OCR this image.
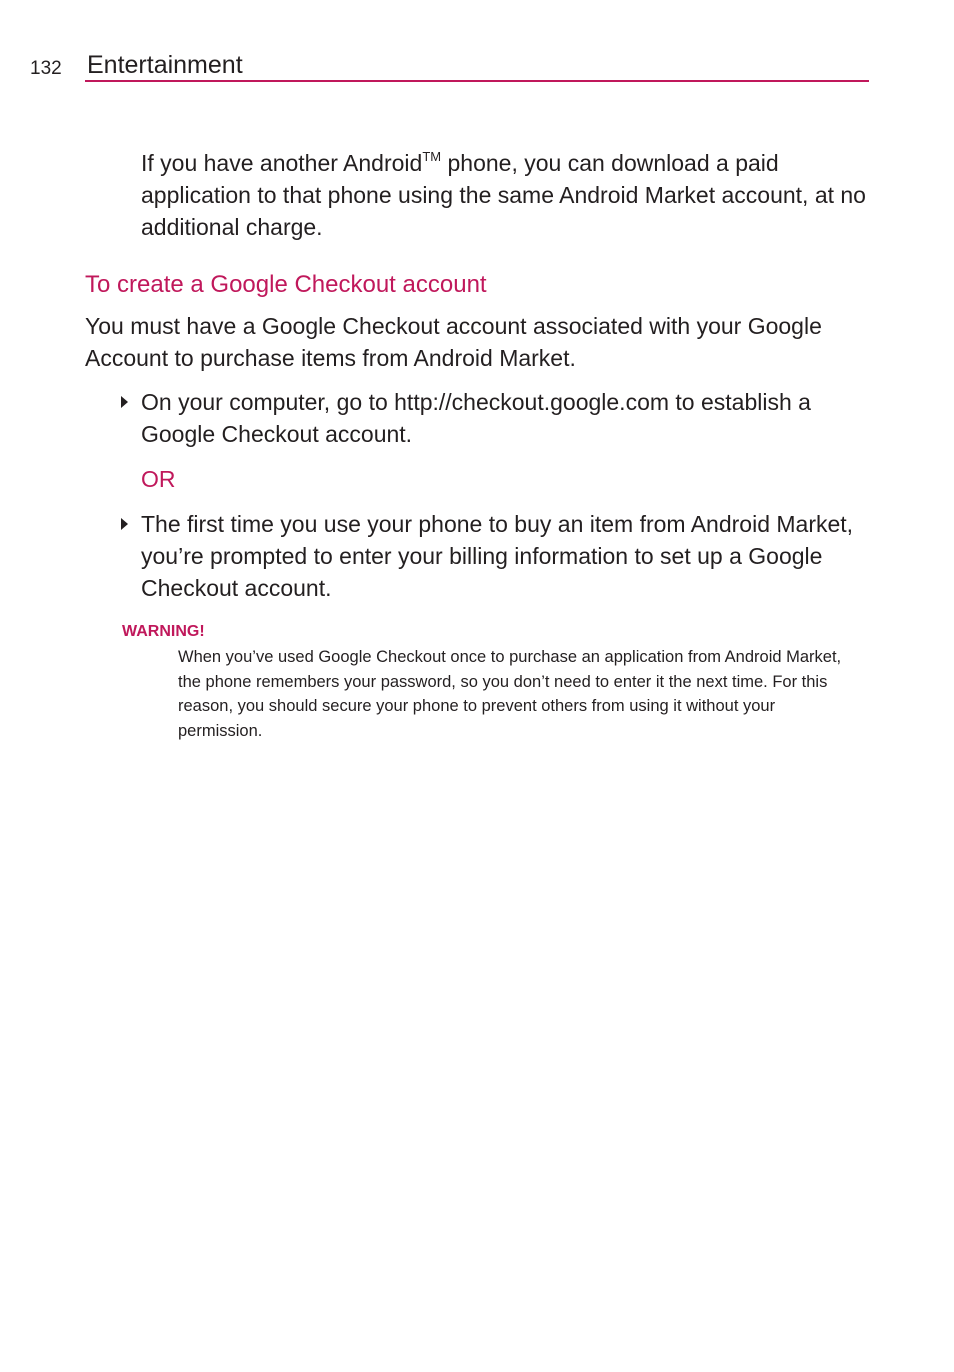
132 Entertainment

If you have another Android™ phone, you can download a paid application to that phone using the same Android Market account, at no additional charge.

To create a Google Checkout account

You must have a Google Checkout account associated with your Google Account to purchase items from Android Market.

On your computer, go to http://checkout.google.com to establish a Google Checkout account.
OR
The first time you use your phone to buy an item from Android Market, you’re prompted to enter your billing information to set up a Google Checkout account.
WARNING!
When you’ve used Google Checkout once to purchase an application from Android Market, the phone remembers your password, so you don’t need to enter it the next time. For this reason, you should secure your phone to prevent others from using it without your permission.
